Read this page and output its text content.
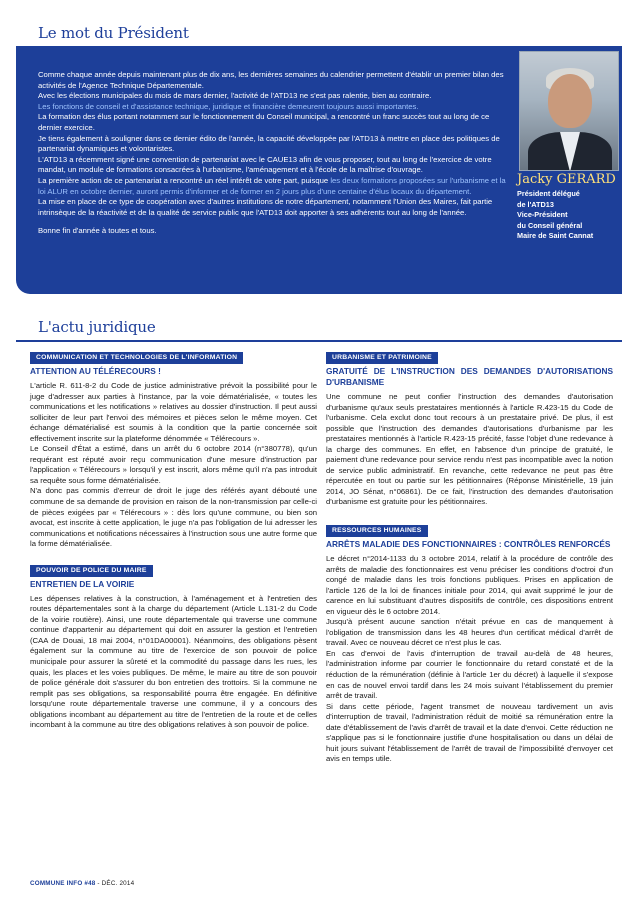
Le mot du Président

Comme chaque année depuis maintenant plus de dix ans, les dernières semaines du calendrier permettent d'établir un premier bilan des activités de l'Agence Technique Départementale.

Avec les élections municipales du mois de mars dernier, l'activité de l'ATD13 ne s'est pas ralentie, bien au contraire.

Les fonctions de conseil et d'assistance technique, juridique et financière demeurent toujours aussi importantes.

La formation des élus portant notamment sur le fonctionnement du Conseil municipal, a rencontré un franc succès tout au long de ce dernier exercice.

Je tiens également à souligner dans ce dernier édito de l'année, la capacité développée par l'ATD13 à mettre en place des politiques de partenariat dynamiques et volontaristes.

L'ATD13 a récemment signé une convention de partenariat avec le CAUE13 afin de vous proposer, tout au long de l'exercice de votre mandat, un module de formations consacrées à l'urbanisme, l'aménagement et à l'école de la maîtrise d'ouvrage.

La première action de ce partenariat a rencontré un réel intérêt de votre part, puisque les deux formations proposées sur l'urbanisme et la loi ALUR en octobre dernier, auront permis d'informer et de former en 2 jours plus d'une centaine d'élus locaux du département.

La mise en place de ce type de coopération avec d'autres institutions de notre département, notamment l'Union des Maires, fait partie intrinsèque de la réactivité et de la qualité de service public que l'ATD13 doit apporter à ses adhérents tout au long de l'année.

Bonne fin d'année à toutes et tous.

Jacky GERARD
Président délégué
de l'ATD13
Vice-Président
du Conseil général
Maire de Saint Cannat
L'actu juridique
COMMUNICATION ET TECHNOLOGIES DE L'INFORMATION
ATTENTION AU TÉLÉRECOURS !

L'article R. 611-8-2 du Code de justice administrative prévoit la possibilité pour le juge d'adresser aux parties à l'instance, par la voie dématérialisée, « toutes les communications et les notifications » relatives au dossier d'instruction. Il peut aussi solliciter de leur part l'envoi des mémoires et pièces selon le même moyen. Cet échange dématérialisé est soumis à la condition que la partie concernée soit effectivement inscrite sur la plateforme dénommée « Télérecours ».

Le Conseil d'État a estimé, dans un arrêt du 6 octobre 2014 (n°380778), qu'un requérant est réputé avoir reçu communication d'une mesure d'instruction par l'application « Télérecours » lorsqu'il y est inscrit, alors même qu'il n'a pas introduit sa requête sous forme dématérialisée.

N'a donc pas commis d'erreur de droit le juge des référés ayant débouté une commune de sa demande de provision en raison de la non-transmission par celle-ci de pièces exigées par « Télérecours » : dès lors qu'une commune, ou bien son avocat, est inscrite à cette application, le juge n'a pas l'obligation de lui adresser les communications et notifications nécessaires à l'instruction sous une autre forme que la forme dématérialisée.

POUVOIR DE POLICE DU MAIRE
ENTRETIEN DE LA VOIRIE

Les dépenses relatives à la construction, à l'aménagement et à l'entretien des routes départementales sont à la charge du département (Article L.131-2 du Code de la voirie routière). Ainsi, une route départementale qui traverse une commune continue d'appartenir au département qui doit en assurer la gestion et l'entretien (CAA de Douai, 18 mai 2004, n°01DA00001). Néanmoins, des obligations pèsent également sur la commune au titre de l'exercice de son pouvoir de police municipale pour assurer la sûreté et la commodité du passage dans les rues, les quais, les places et les voies publiques. De même, le maire au titre de son pouvoir de police générale doit s'assurer du bon entretien des trottoirs. Si la commune ne remplit pas ses obligations, sa responsabilité pourra être engagée. En définitive lorsqu'une route départementale traverse une commune, il y a concours des obligations incombant au département au titre de l'entretien de la route et de celles incombant à la commune au titre des obligations relatives à son pouvoir de police.

URBANISME ET PATRIMOINE
GRATUITÉ DE L'INSTRUCTION DES DEMANDES D'AUTORISATIONS D'URBANISME

Une commune ne peut confier l'instruction des demandes d'autorisation d'urbanisme qu'aux seuls prestataires mentionnés à l'article R.423-15 du Code de l'urbanisme. Cela exclut donc tout recours à un prestataire privé. De plus, il est possible que l'instruction des demandes d'autorisations d'urbanisme par les prestataires mentionnés à l'article R.423-15 précité, fasse l'objet d'une redevance à la charge des communes. En effet, en l'absence d'un principe de gratuité, le paiement d'une redevance pour service rendu n'est pas incompatible avec la notion de service public administratif. En revanche, cette redevance ne peut pas être répercutée en tout ou partie sur les pétitionnaires (Réponse Ministérielle, 19 juin 2014, JO Sénat, n°06861). De ce fait, l'instruction des demandes d'autorisation d'urbanisme est gratuite pour les pétitionnaires.

RESSOURCES HUMAINES
ARRÊTS MALADIE DES FONCTIONNAIRES : CONTRÔLES RENFORCÉS

Le décret n°2014-1133 du 3 octobre 2014, relatif à la procédure de contrôle des arrêts de maladie des fonctionnaires est venu préciser les conditions d'octroi d'un congé de maladie dans les trois fonctions publiques. Prises en application de l'article 126 de la loi de finances initiale pour 2014, qui avait supprimé le jour de carence en lui substituant d'autres dispositifs de contrôle, ces dispositions entrent en vigueur dès le 6 octobre 2014.

Jusqu'à présent aucune sanction n'était prévue en cas de manquement à l'obligation de transmission dans les 48 heures d'un certificat médical d'arrêt de travail. Avec ce nouveau décret ce n'est plus le cas.

En cas d'envoi de l'avis d'interruption de travail au-delà de 48 heures, l'administration informe par courrier le fonctionnaire du retard constaté et de la réduction de la rémunération (définie à l'article 1er du décret) à laquelle il s'expose en cas de nouvel envoi tardif dans les 24 mois suivant l'établissement du premier arrêt de travail.

Si dans cette période, l'agent transmet de nouveau tardivement un avis d'interruption de travail, l'administration réduit de moitié sa rémunération entre la date d'établissement de l'avis d'arrêt de travail et la date d'envoi. Cette réduction ne s'applique pas si le fonctionnaire justifie d'une hospitalisation ou dans un délai de huit jours suivant l'établissement de l'arrêt de travail de l'impossibilité d'envoyer cet avis en temps utile.

COMMUNE INFO #48 - DÉC. 2014
